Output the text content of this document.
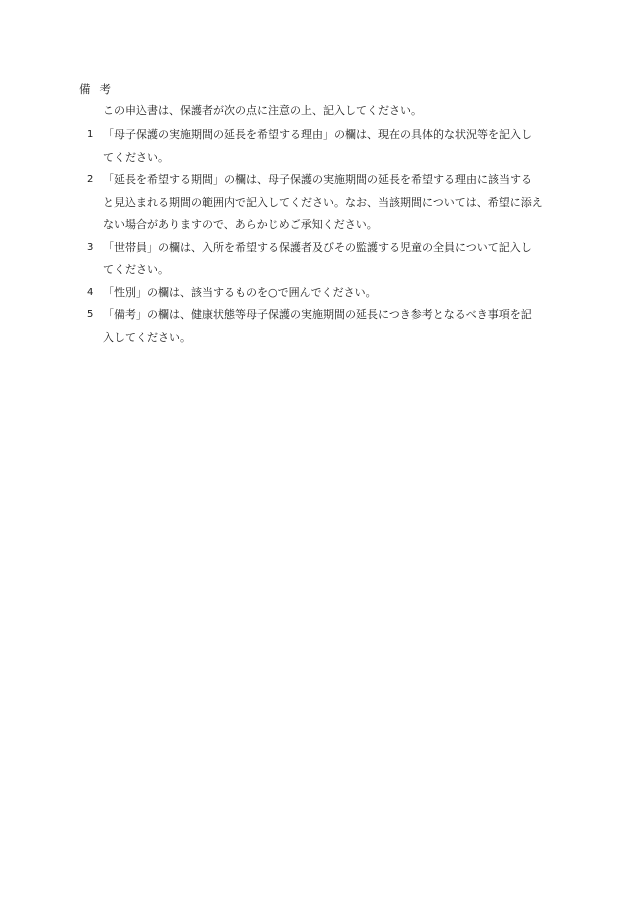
備考
この申込書は、保護者が次の点に注意の上、記入してください。
1 「母子保護の実施期間の延長を希望する理由」の欄は、現在の具体的な状況等を記入し
てください。
2 「延長を希望する期間」の欄は、母子保護の実施期間の延長を希望する理由に該当する
と見込まれる期間の範囲内で記入してください。なお、当該期間については、希望に添え
ない場合がありますので、あらかじめご承知ください。
3 「世帯員」の欄は、入所を希望する保護者及びその監護する児童の全員について記入し
てください。
4 「性別」の欄は、該当するものを○で囲んでください。
5 「備考」の欄は、健康状態等母子保護の実施期間の延長につき参考となるべき事項を記
入してください。
